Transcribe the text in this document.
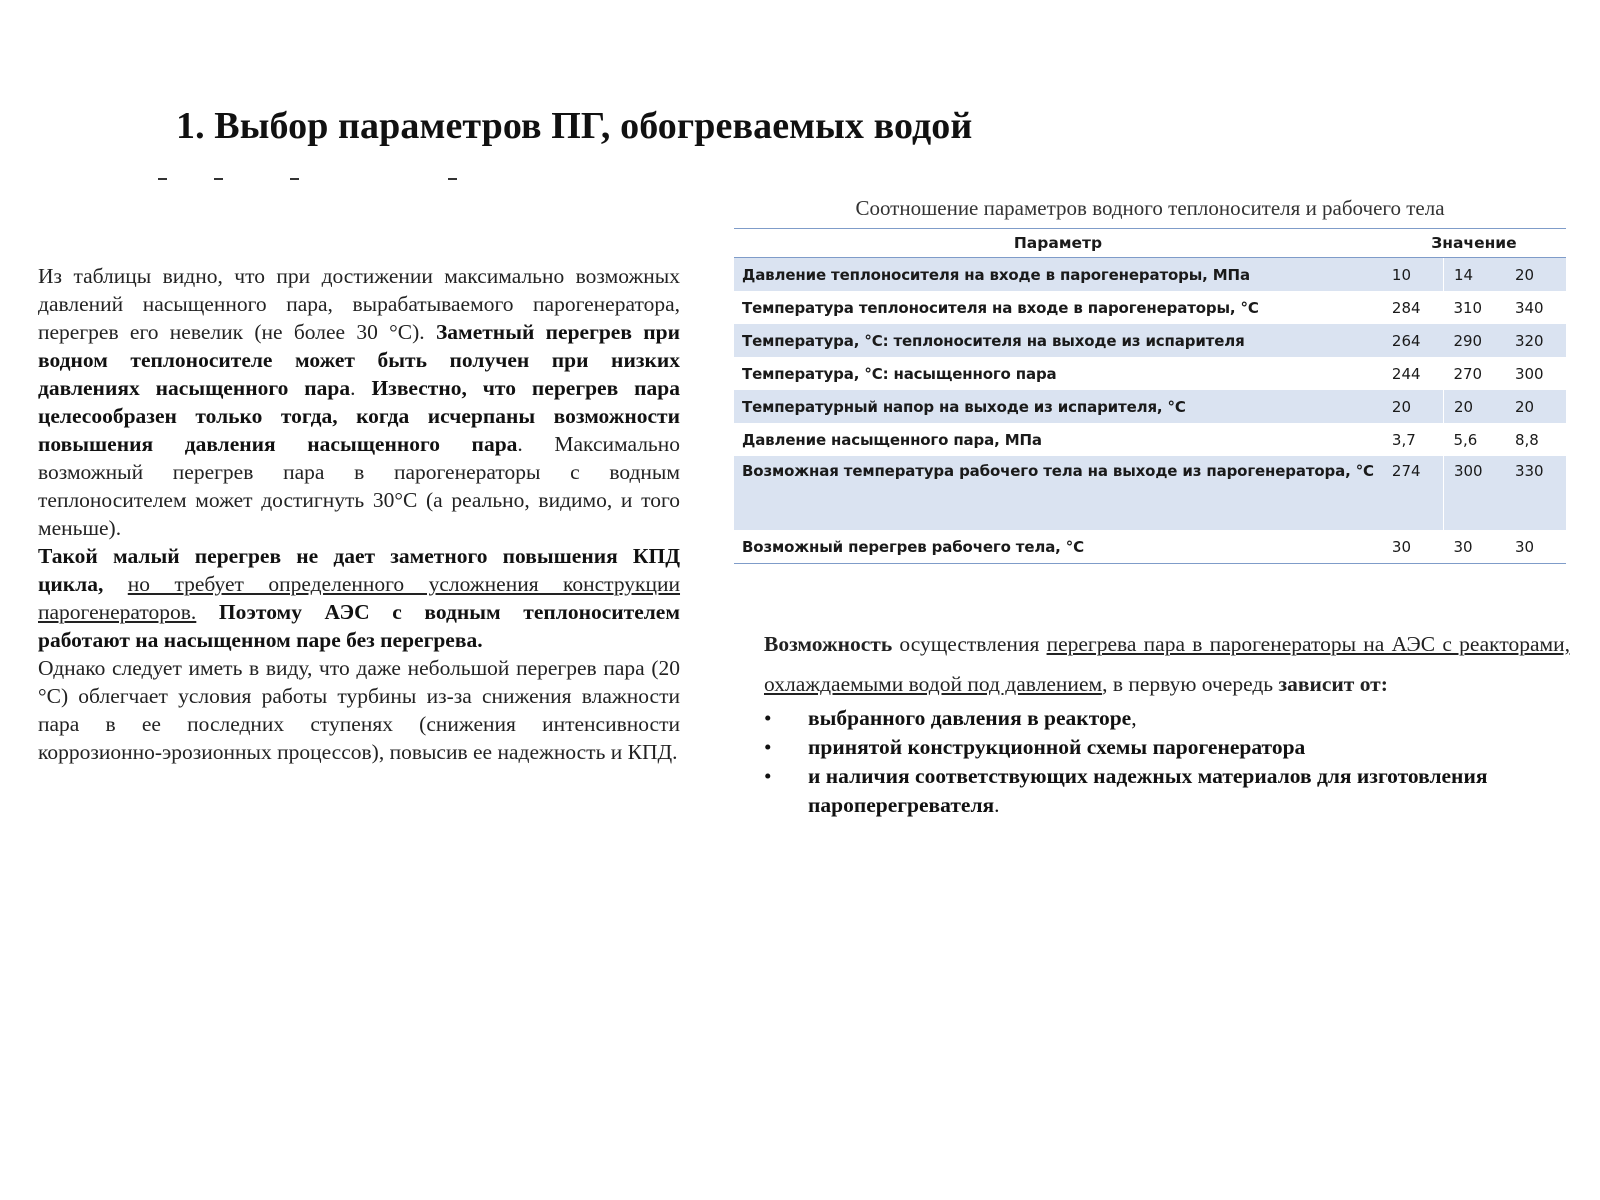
1. Выбор параметров ПГ, обогреваемых водой

Из таблицы видно, что при достижении максимально возможных давлений насыщенного пара, вырабатываемого парогенератора, перегрев его невелик (не более 30 °C). Заметный перегрев при водном теплоносителе может быть получен при низких давлениях насыщенного пара. Известно, что перегрев пара целесообразен только тогда, когда исчерпаны возможности повышения давления насыщенного пара. Максимально возможный перегрев пара в парогенераторы с водным теплоносителем может достигнуть 30°C (а реально, видимо, и того меньше).

Такой малый перегрев не дает заметного повышения КПД цикла, но требует определенного усложнения конструкции парогенераторов. Поэтому АЭС с водным теплоносителем работают на насыщенном паре без перегрева.

Однако следует иметь в виду, что даже небольшой перегрев пара (20 °C) облегчает условия работы турбины из-за снижения влажности пара в ее последних ступенях (снижения интенсивности коррозионно-эрозионных процессов), повысив ее надежность и КПД.

Соотношение параметров водного теплоносителя и рабочего тела
Параметр	Значение		
Давление теплоносителя на входе в парогенераторы, МПа	10	14	20
Температура теплоносителя на входе в парогенераторы, °C	284	310	340
Температура, °C: теплоносителя на выходе из испарителя	264	290	320
Температура, °C: насыщенного пара	244	270	300
Температурный напор на выходе из испарителя, °C	20	20	20
Давление насыщенного пара, МПа	3,7	5,6	8,8
Возможная температура рабочего тела на выходе из парогенератора, °C	274	300	330
Возможный перегрев рабочего тела, °C	30	30	30

Возможность осуществления перегрева пара в парогенераторы на АЭС с реакторами, охлаждаемыми водой под давлением, в первую очередь зависит от:

• выбранного давления в реакторе,
• принятой конструкционной схемы парогенератора
• и наличия соответствующих надежных материалов для изготовления пароперегревателя.
